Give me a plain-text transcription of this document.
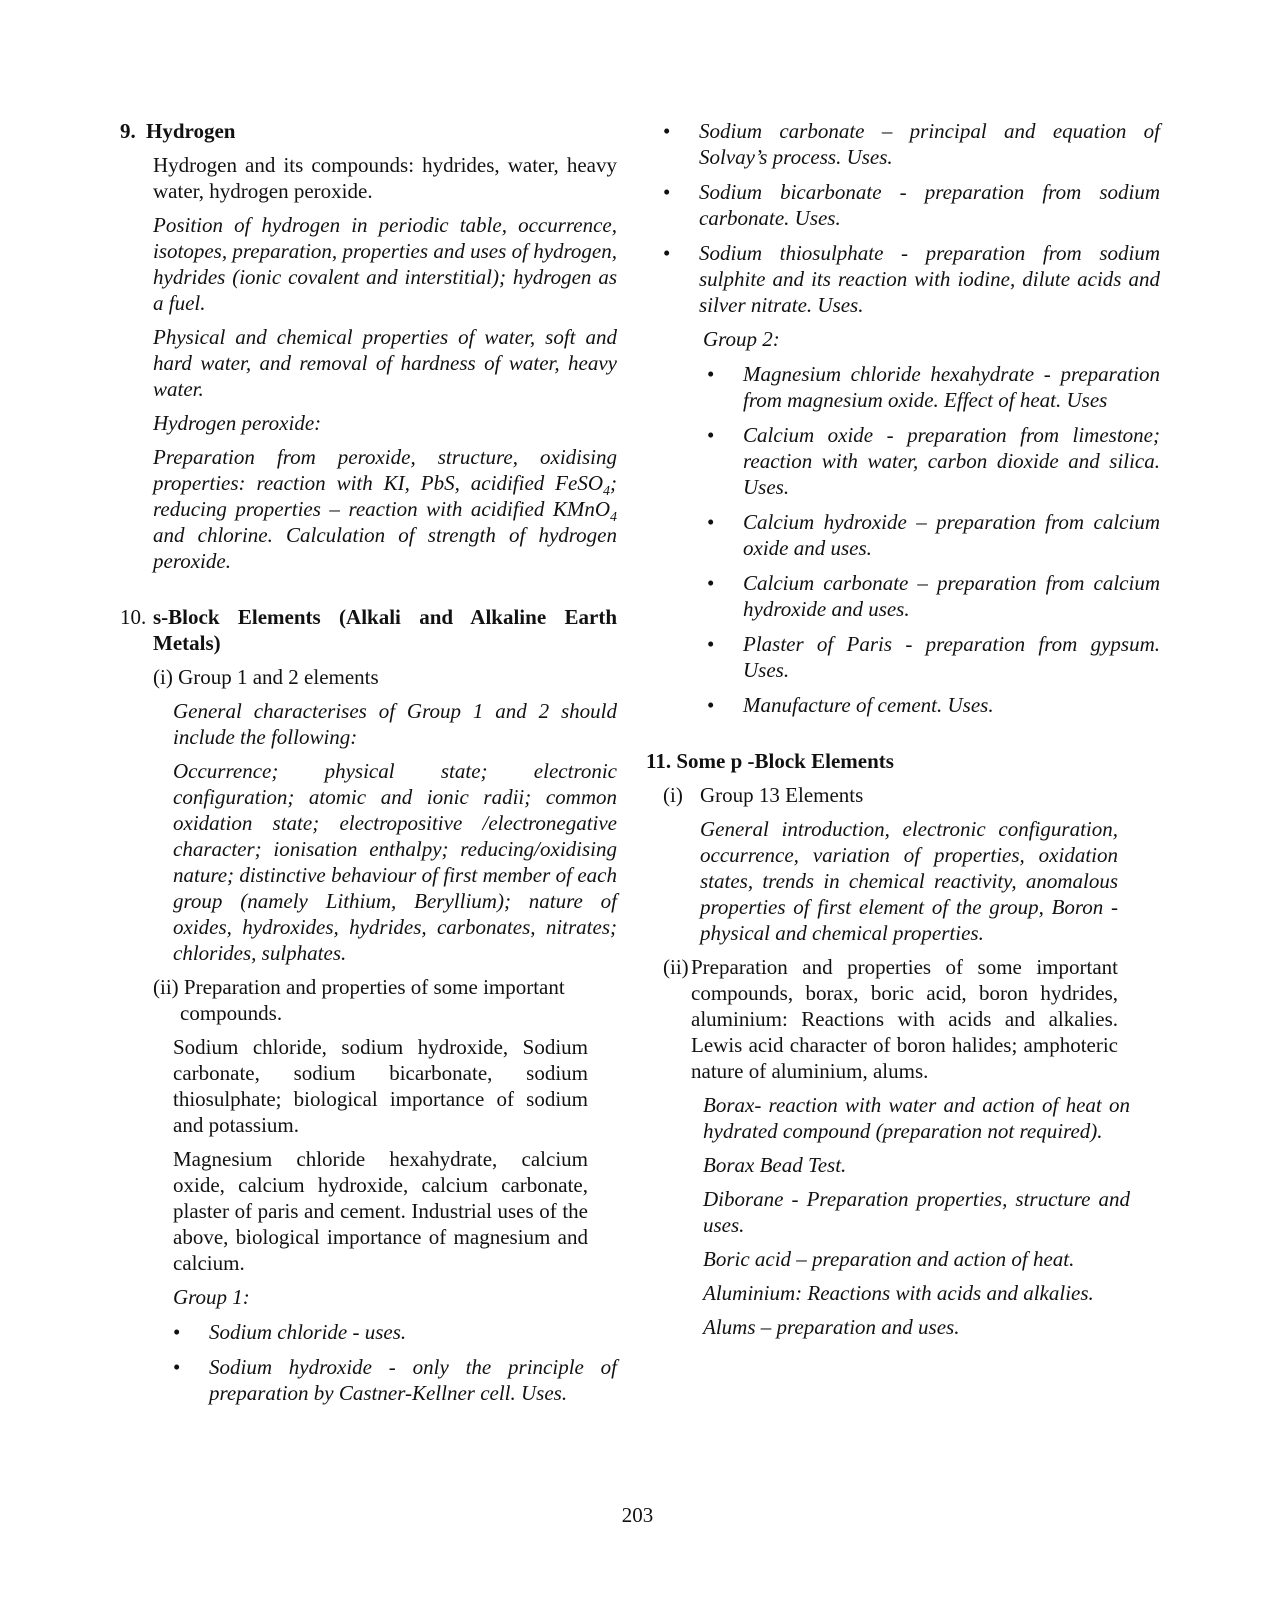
9. Hydrogen

Hydrogen and its compounds: hydrides, water, heavy water, hydrogen peroxide.

Position of hydrogen in periodic table, occurrence, isotopes, preparation, properties and uses of hydrogen, hydrides (ionic covalent and interstitial); hydrogen as a fuel.

Physical and chemical properties of water, soft and hard water, and removal of hardness of water, heavy water.

Hydrogen peroxide:

Preparation from peroxide, structure, oxidising properties: reaction with KI, PbS, acidified FeSO$_4$; reducing properties – reaction with acidified KMnO$_4$ and chlorine. Calculation of strength of hydrogen peroxide.

10. s-Block Elements (Alkali and Alkaline Earth Metals)

(i) Group 1 and 2 elements

General characterises of Group 1 and 2 should include the following:

Occurrence; physical state; electronic configuration; atomic and ionic radii; common oxidation state; electropositive /electronegative character; ionisation enthalpy; reducing/oxidising nature; distinctive behaviour of first member of each group (namely Lithium, Beryllium); nature of oxides, hydroxides, hydrides, carbonates, nitrates; chlorides, sulphates.

(ii) Preparation and properties of some important compounds.

Sodium chloride, sodium hydroxide, Sodium carbonate, sodium bicarbonate, sodium thiosulphate; biological importance of sodium and potassium.

Magnesium chloride hexahydrate, calcium oxide, calcium hydroxide, calcium carbonate, plaster of paris and cement. Industrial uses of the above, biological importance of magnesium and calcium.

Group 1:

•	Sodium chloride - uses.
•	Sodium hydroxide - only the principle of preparation by Castner-Kellner cell. Uses.
•	Sodium carbonate – principal and equation of Solvay’s process. Uses.
•	Sodium bicarbonate - preparation from sodium carbonate. Uses.
•	Sodium thiosulphate - preparation from sodium sulphite and its reaction with iodine, dilute acids and silver nitrate. Uses.

Group 2:

•	Magnesium chloride hexahydrate - preparation from magnesium oxide. Effect of heat. Uses
•	Calcium oxide - preparation from limestone; reaction with water, carbon dioxide and silica. Uses.
•	Calcium hydroxide – preparation from calcium oxide and uses.
•	Calcium carbonate – preparation from calcium hydroxide and uses.
•	Plaster of Paris - preparation from gypsum. Uses.
•	Manufacture of cement. Uses.

11. Some p -Block Elements

(i) Group 13 Elements

General introduction, electronic configuration, occurrence, variation of properties, oxidation states, trends in chemical reactivity, anomalous properties of first element of the group, Boron - physical and chemical properties.

(ii) Preparation and properties of some important compounds, borax, boric acid, boron hydrides, aluminium: Reactions with acids and alkalies. Lewis acid character of boron halides; amphoteric nature of aluminium, alums.

Borax- reaction with water and action of heat on hydrated compound (preparation not required).

Borax Bead Test.

Diborane - Preparation properties, structure and uses.

Boric acid – preparation and action of heat.

Aluminium: Reactions with acids and alkalies.

Alums – preparation and uses.

203
